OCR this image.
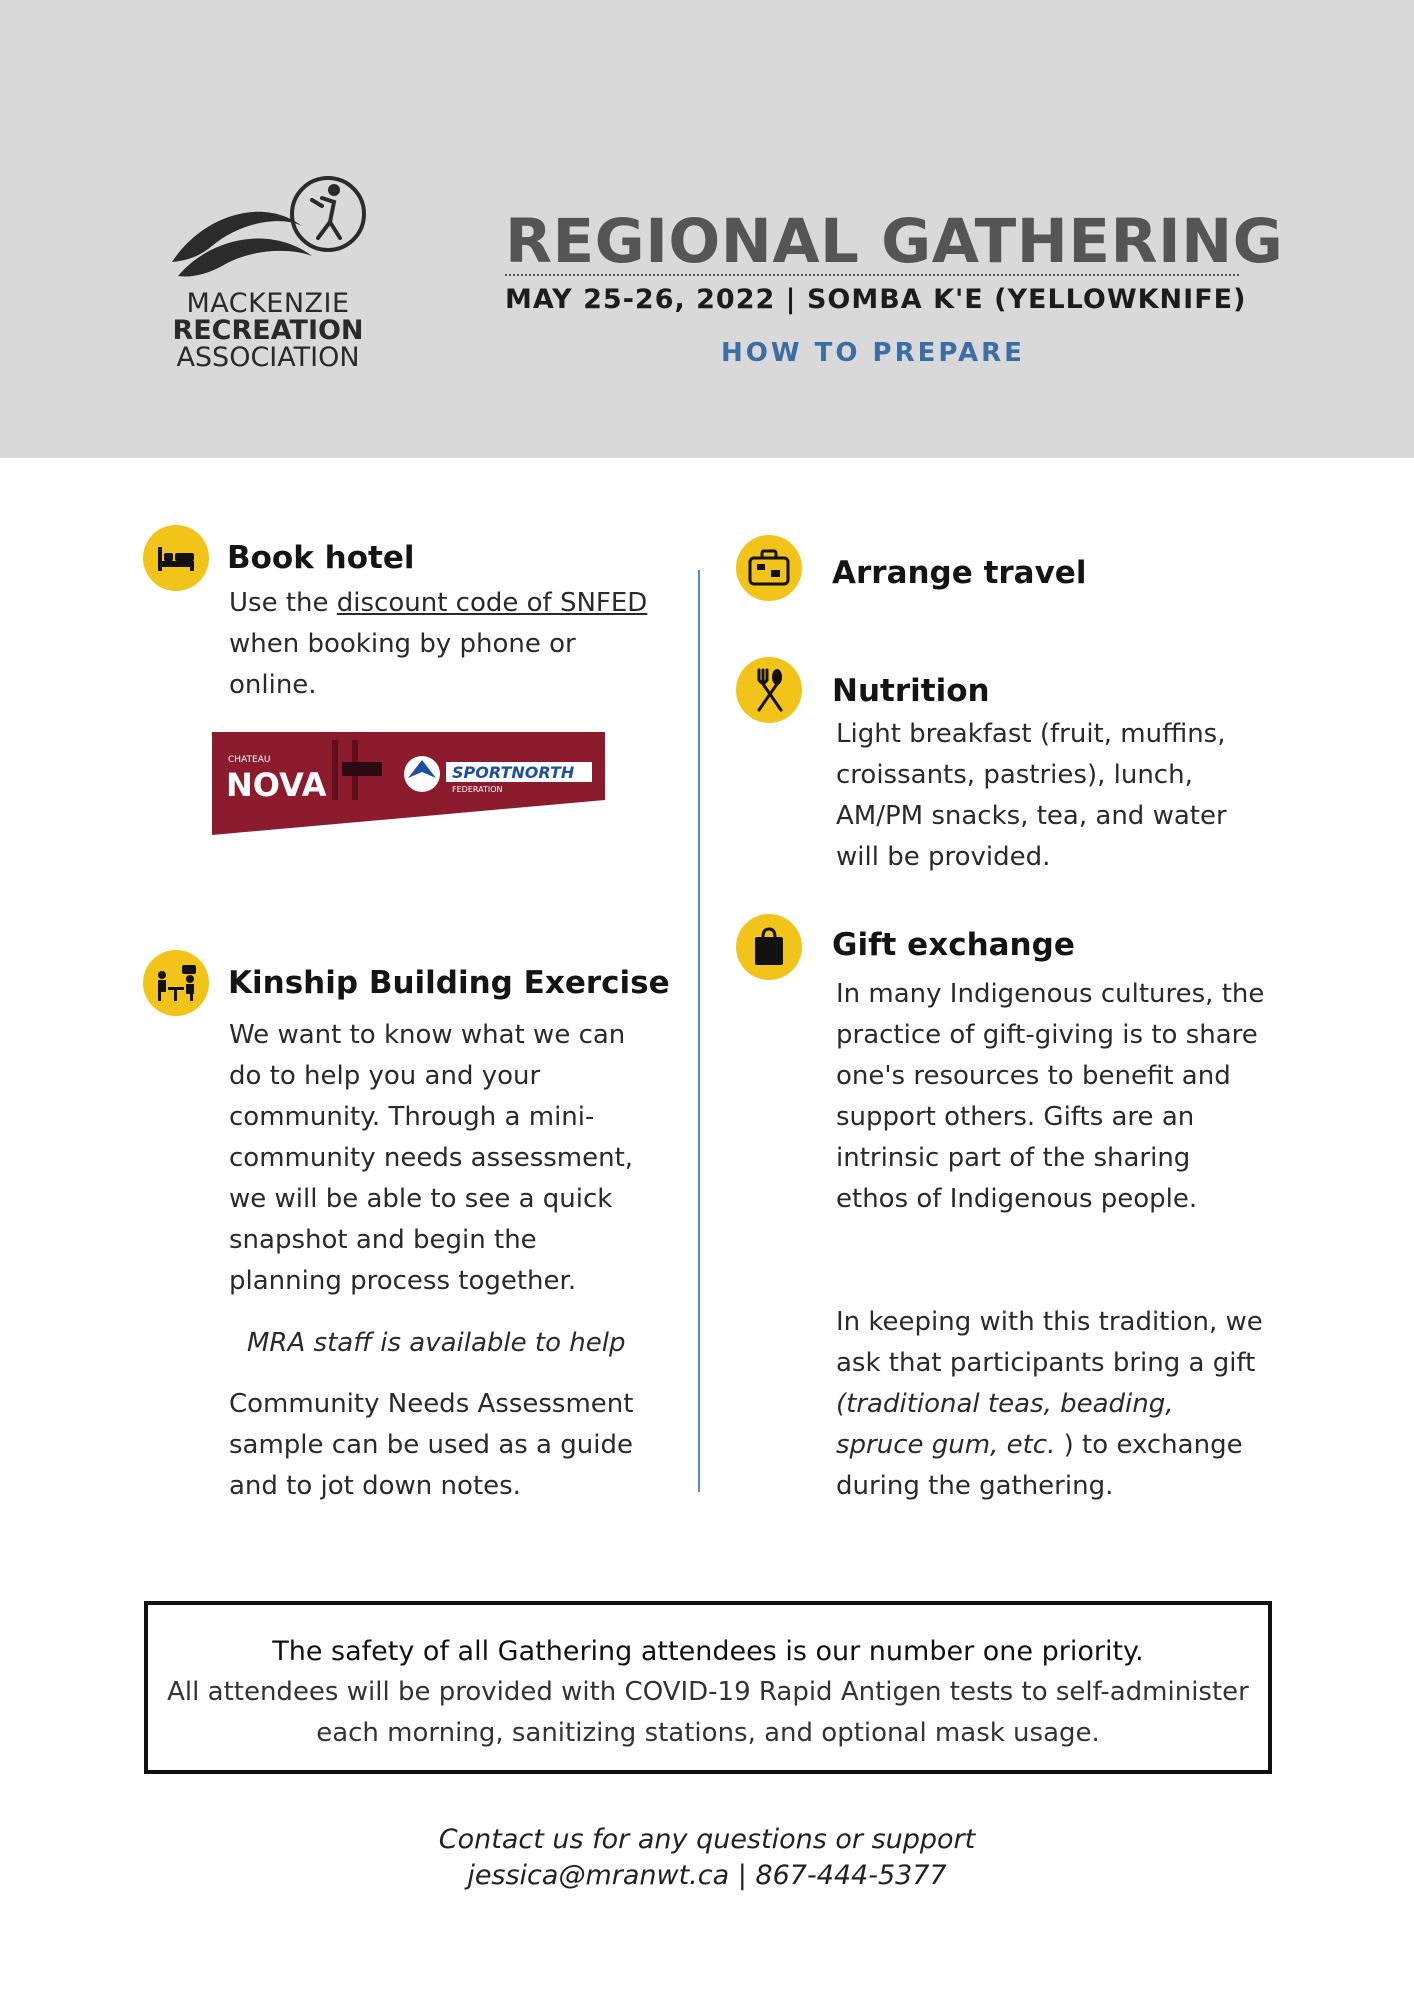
MACKENZIE
RECREATION
ASSOCIATION
REGIONAL GATHERING
MAY 25-26, 2022 | SOMBA K'E (YELLOWKNIFE)
HOW TO PREPARE
Book hotel
Use the discount code of SNFED when booking by phone or online.
CHATEAU
NOVA	SPORTNORTH
FEDERATION
Kinship Building Exercise
We want to know what we can do to help you and your community. Through a mini-community needs assessment, we will be able to see a quick snapshot and begin the planning process together.
MRA staff is available to help
Community Needs Assessment sample can be used as a guide and to jot down notes.
Arrange travel
Nutrition
Light breakfast (fruit, muffins, croissants, pastries), lunch, AM/PM snacks, tea, and water will be provided.
Gift exchange
In many Indigenous cultures, the practice of gift-giving is to share one's resources to benefit and support others. Gifts are an intrinsic part of the sharing ethos of Indigenous people.
In keeping with this tradition, we ask that participants bring a gift (traditional teas, beading, spruce gum, etc. ) to exchange during the gathering.
The safety of all Gathering attendees is our number one priority.
All attendees will be provided with COVID-19 Rapid Antigen tests to self-administer each morning, sanitizing stations, and optional mask usage.
Contact us for any questions or support
jessica@mranwt.ca | 867-444-5377
